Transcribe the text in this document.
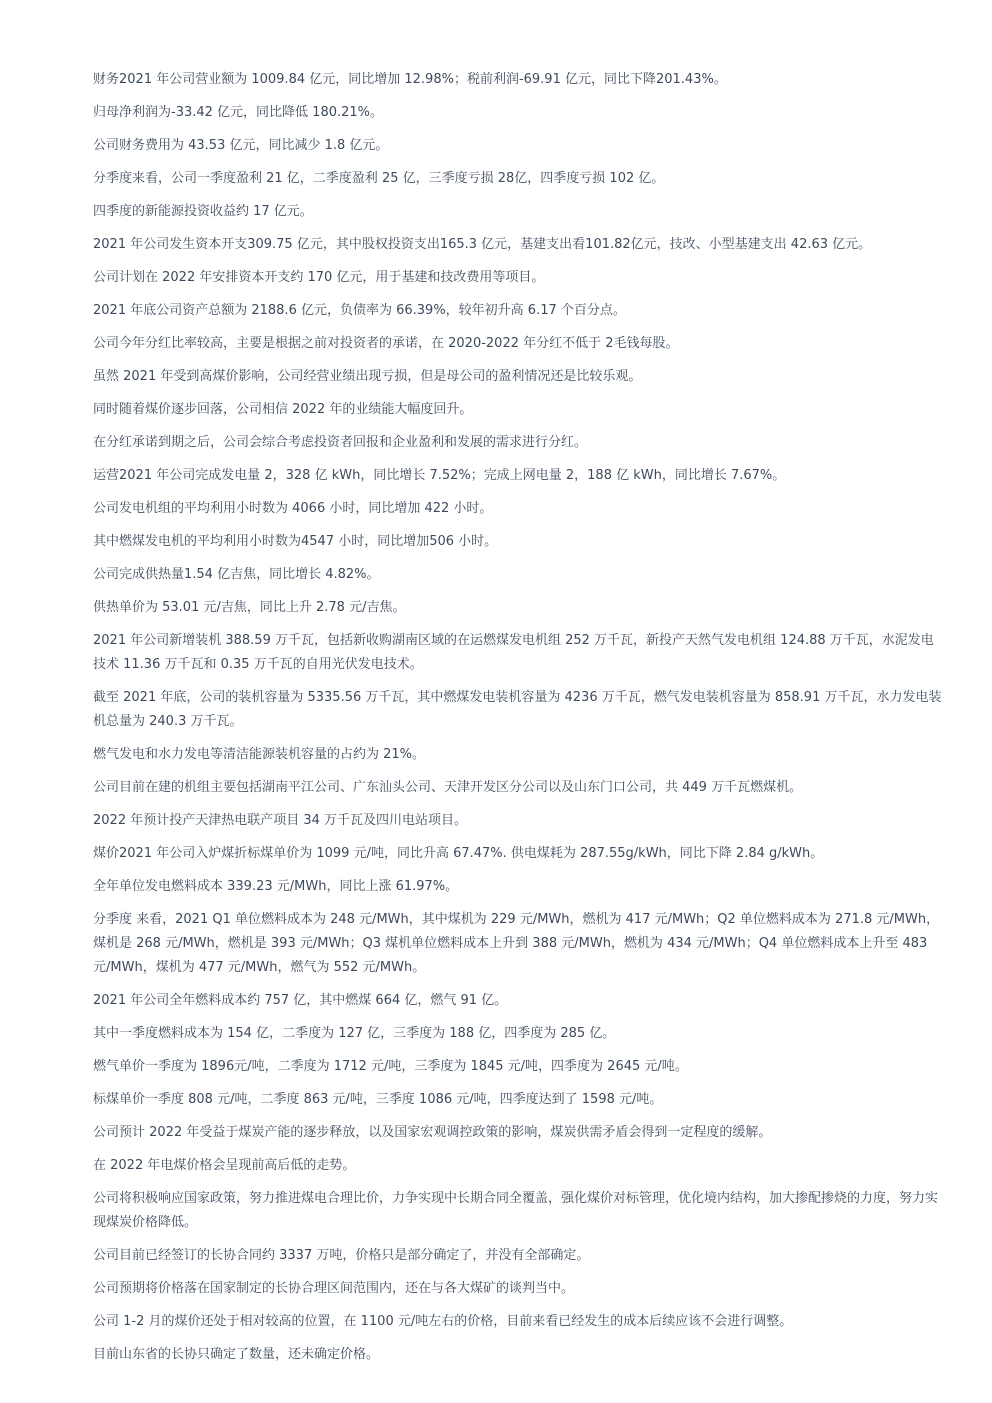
财务2021 年公司营业额为 1009.84 亿元，同比增加 12.98%；税前利润-69.91 亿元，同比下降201.43%。

归母净利润为-33.42 亿元，同比降低 180.21%。

公司财务费用为 43.53 亿元，同比减少 1.8 亿元。

分季度来看，公司一季度盈利 21 亿，二季度盈利 25 亿，三季度亏损 28亿，四季度亏损 102 亿。

四季度的新能源投资收益约 17 亿元。

2021 年公司发生资本开支309.75 亿元，其中股权投资支出165.3 亿元，基建支出看101.82亿元，技改、小型基建支出 42.63 亿元。

公司计划在 2022 年安排资本开支约 170 亿元，用于基建和技改费用等项目。

2021 年底公司资产总额为 2188.6 亿元，负债率为 66.39%，较年初升高 6.17 个百分点。

公司今年分红比率较高，主要是根据之前对投资者的承诺，在 2020-2022 年分红不低于 2毛钱每股。

虽然 2021 年受到高煤价影响，公司经营业绩出现亏损，但是母公司的盈利情况还是比较乐观。

同时随着煤价逐步回落，公司相信 2022 年的业绩能大幅度回升。

在分红承诺到期之后，公司会综合考虑投资者回报和企业盈利和发展的需求进行分红。

运营2021 年公司完成发电量 2，328 亿 kWh，同比增长 7.52%；完成上网电量 2，188 亿 kWh，同比增长 7.67%。

公司发电机组的平均利用小时数为 4066 小时，同比增加 422 小时。

其中燃煤发电机的平均利用小时数为4547 小时，同比增加506 小时。

公司完成供热量1.54 亿吉焦，同比增长 4.82%。

供热单价为 53.01 元/吉焦，同比上升 2.78 元/吉焦。

2021 年公司新增装机 388.59 万千瓦，包括新收购湖南区域的在运燃煤发电机组 252 万千瓦，新投产天然气发电机组 124.88 万千瓦，水泥发电技术 11.36 万千瓦和 0.35 万千瓦的自用光伏发电技术。

截至 2021 年底，公司的装机容量为 5335.56 万千瓦，其中燃煤发电装机容量为 4236 万千瓦，燃气发电装机容量为 858.91 万千瓦，水力发电装机总量为 240.3 万千瓦。

燃气发电和水力发电等清洁能源装机容量的占约为 21%。

公司目前在建的机组主要包括湖南平江公司、广东汕头公司、天津开发区分公司以及山东门口公司，共 449 万千瓦燃煤机。

2022 年预计投产天津热电联产项目 34 万千瓦及四川电站项目。

煤价2021 年公司入炉煤折标煤单价为 1099 元/吨，同比升高 67.47%. 供电煤耗为 287.55g/kWh，同比下降 2.84 g/kWh。

全年单位发电燃料成本 339.23 元/MWh，同比上涨 61.97%。

分季度 来看，2021 Q1 单位燃料成本为 248 元/MWh，其中煤机为 229 元/MWh，燃机为 417 元/MWh；Q2 单位燃料成本为 271.8 元/MWh，煤机是 268 元/MWh，燃机是 393 元/MWh；Q3 煤机单位燃料成本上升到 388 元/MWh，燃机为 434 元/MWh；Q4 单位燃料成本上升至 483 元/MWh，煤机为 477 元/MWh，燃气为 552 元/MWh。

2021 年公司全年燃料成本约 757 亿，其中燃煤 664 亿，燃气 91 亿。

其中一季度燃料成本为 154 亿，二季度为 127 亿，三季度为 188 亿，四季度为 285 亿。

燃气单价一季度为 1896元/吨，二季度为 1712 元/吨，三季度为 1845 元/吨，四季度为 2645 元/吨。

标煤单价一季度 808 元/吨，二季度 863 元/吨，三季度 1086 元/吨，四季度达到了 1598 元/吨。

公司预计 2022 年受益于煤炭产能的逐步释放，以及国家宏观调控政策的影响，煤炭供需矛盾会得到一定程度的缓解。

在 2022 年电煤价格会呈现前高后低的走势。

公司将积极响应国家政策，努力推进煤电合理比价，力争实现中长期合同全覆盖，强化煤价对标管理，优化境内结构，加大掺配掺烧的力度，努力实现煤炭价格降低。

公司目前已经签订的长协合同约 3337 万吨，价格只是部分确定了，并没有全部确定。

公司预期将价格落在国家制定的长协合理区间范围内，还在与各大煤矿的谈判当中。

公司 1-2 月的煤价还处于相对较高的位置，在 1100 元/吨左右的价格，目前来看已经发生的成本后续应该不会进行调整。

目前山东省的长协只确定了数量，还未确定价格。
